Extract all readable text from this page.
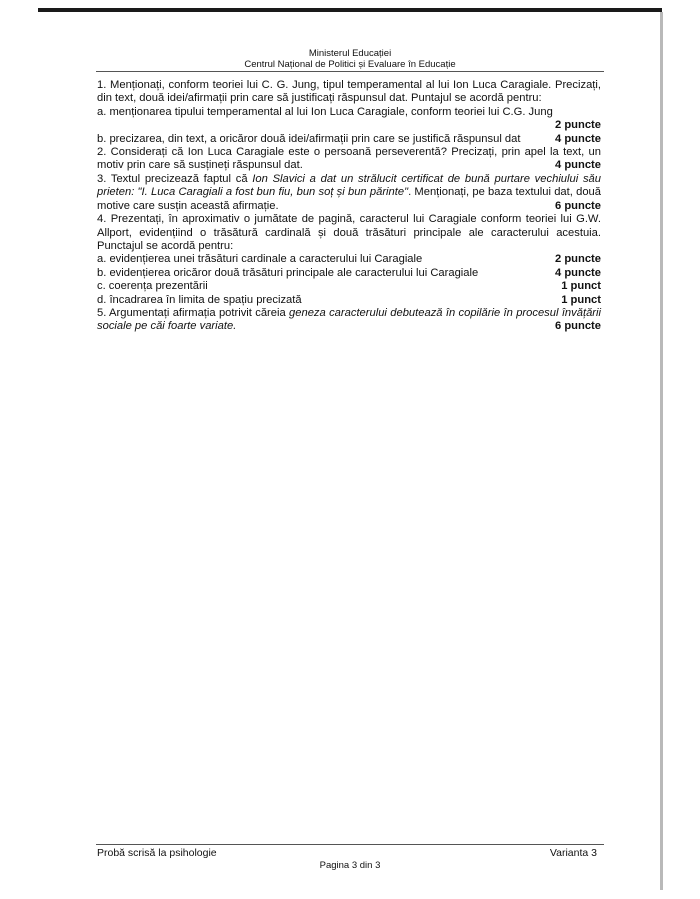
Ministerul Educației
Centrul Național de Politici și Evaluare în Educație
1. Menționați, conform teoriei lui C. G. Jung, tipul temperamental al lui Ion Luca Caragiale. Precizați, din text, două idei/afirmații prin care să justificați răspunsul dat. Puntajul se acordă pentru:
a. menționarea tipului temperamental al lui Ion Luca Caragiale, conform teoriei lui C.G. Jung
2 puncte
b. precizarea, din text, a oricăror două idei/afirmații prin care se justifică răspunsul dat	4 puncte
2. Considerați că Ion Luca Caragiale este o persoană perseverentă? Precizați, prin apel la text, un motiv prin care să susțineți răspunsul dat.	4 puncte
3. Textul precizează faptul că Ion Slavici a dat un strălucit certificat de bună purtare vechiului său prieten: "I. Luca Caragiali a fost bun fiu, bun soț și bun părinte". Menționați, pe baza textului dat, două motive care susțin această afirmație.	6 puncte
4. Prezentați, în aproximativ o jumătate de pagină, caracterul lui Caragiale conform teoriei lui G.W. Allport, evidențiind o trăsătură cardinală și două trăsături principale ale caracterului acestuia. Punctajul se acordă pentru:
a. evidențierea unei trăsături cardinale a caracterului lui Caragiale	2 puncte
b. evidențierea oricăror două trăsături principale ale caracterului lui Caragiale	4 puncte
c. coerența prezentării	1 punct
d. încadrarea în limita de spațiu precizată	1 punct
5. Argumentați afirmația potrivit căreia geneza caracterului debutează în copilărie în procesul învățării sociale pe căi foarte variate.	6 puncte
Probă scrisă la psihologie	Varianta 3
Pagina 3 din 3
